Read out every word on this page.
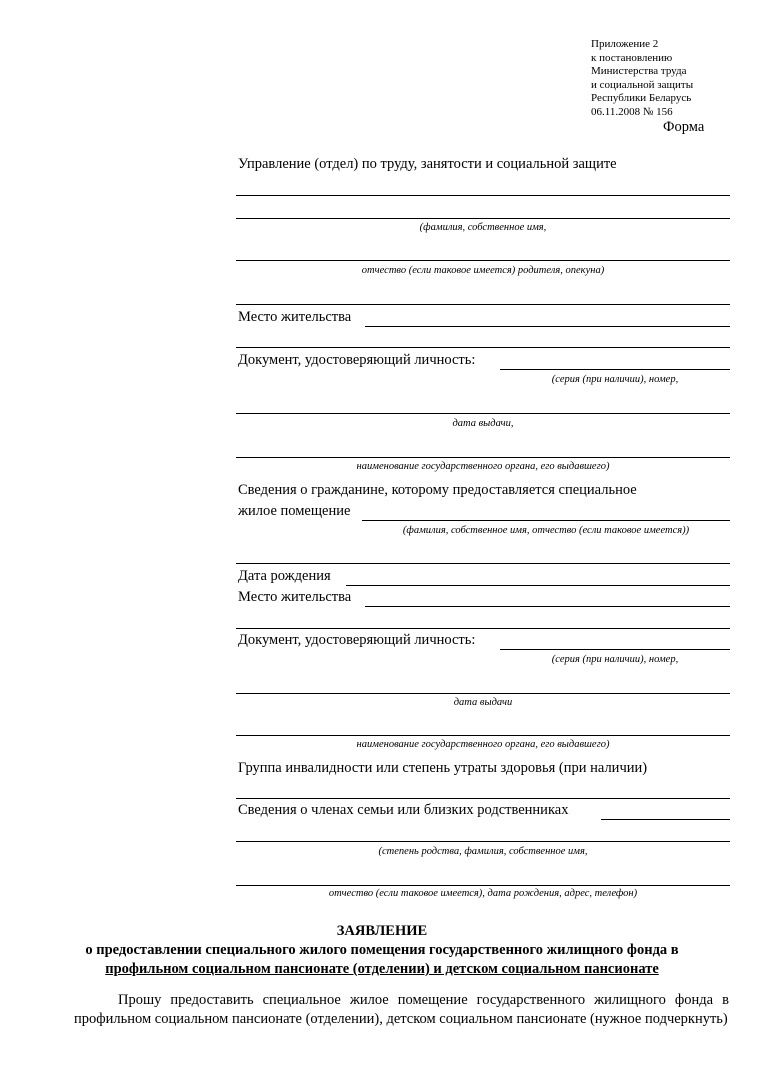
Приложение 2
к постановлению
Министерства труда
и социальной защиты
Республики Беларусь
06.11.2008 № 156
Форма
Управление (отдел) по труду, занятости и социальной защите
(фамилия, собственное имя,
отчество (если таковое имеется) родителя, опекуна)
Место жительства
Документ, удостоверяющий личность:
(серия (при наличии), номер,
дата выдачи,
наименование государственного органа, его выдавшего)
Сведения о гражданине, которому предоставляется специальное
жилое помещение
(фамилия, собственное имя, отчество (если таковое имеется))
Дата рождения
Место жительства
Документ, удостоверяющий личность:
(серия (при наличии), номер,
дата выдачи
наименование государственного органа, его выдавшего)
Группа инвалидности или степень утраты здоровья (при наличии)
Сведения о членах семьи или близких родственниках
(степень родства, фамилия, собственное имя,
отчество (если таковое имеется), дата рождения, адрес, телефон)
ЗАЯВЛЕНИЕ
о предоставлении специального жилого помещения государственного жилищного фонда в
профильном социальном пансионате (отделении) и детском социальном пансионате
Прошу предоставить специальное жилое помещение государственного жилищного фонда в профильном социальном пансионате (отделении), детском социальном пансионате (нужное подчеркнуть)
